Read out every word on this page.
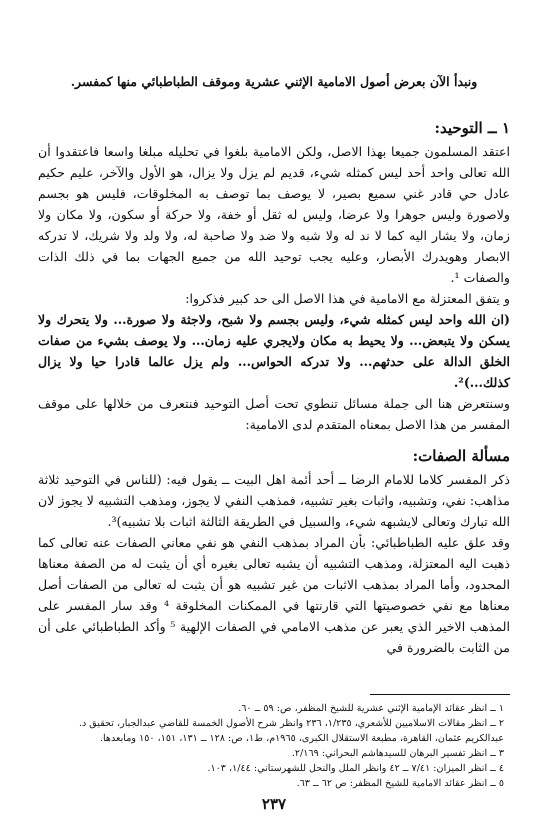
ونبدأ الآن بعرض أصول الامامية الإثني عشرية وموقف الطباطبائي منها كمفسر.

١ ــ التوحيد:

اعتقد المسلمون جميعا بهذا الاصل، ولكن الامامية بلغوا في تحليله مبلغا واسعا فاعتقدوا أن الله تعالى واحد أحد ليس كمثله شيء، قديم لم يزل ولا يزال، هو الأول والآخر، عليم حكيم عادل حي قادر غني سميع بصير، لا يوصف بما توصف به المخلوقات، فليس هو بجسم ولاصورة وليس جوهرا ولا عرضا، وليس له ثقل أو خفة، ولا حركة أو سكون، ولا مكان ولا زمان، ولا يشار اليه كما لا ند له ولا شبه ولا ضد ولا صاحبة له، ولا ولد ولا شريك، لا تدركه الابصار وهويدرك الأبصار، وعليه يجب توحيد الله من جميع الجهات بما في ذلك الذات والصفات ¹.

و يتفق المعتزلة مع الامامية في هذا الاصل الى حد كبير فذكروا:

(ان الله واحد ليس كمثله شيء، وليس بجسم ولا شبح، ولاجثة ولا صورة... ولا يتحرك ولا يسكن ولا يتبعض... ولا يحيط به مكان ولايجري عليه زمان... ولا يوصف بشيء من صفات الخلق الدالة على حدثهم... ولا تدركه الحواس... ولم يزل عالما قادرا حيا ولا يزال كذلك...)².

وسنتعرض هنا الى جملة مسائل تنطوي تحت أصل التوحيد فنتعرف من خلالها على موقف المفسر من هذا الاصل بمعناه المتقدم لدى الامامية:

مسألة الصفات:

ذكر المفسر كلاما للامام الرضا ــ أحد أئمة اهل البيت ــ يقول فيه: (للناس في التوحيد ثلاثة مذاهب: نفي، وتشبيه، واثبات بغير تشبيه، فمذهب النفي لا يجوز، ومذهب التشبيه لا يجوز لان الله تبارك وتعالى لايشبهه شيء، والسبيل في الطريقة الثالثة اثبات بلا تشبيه)³.

وقد علق عليه الطباطبائي: بأن المراد بمذهب النفي هو نفي معاني الصفات عنه تعالى كما ذهبت اليه المعتزلة، ومذهب التشبيه أن يشبه تعالى بغيره أي أن يثبت له من الصفة معناها المحدود، وأما المراد بمذهب الاثبات من غير تشبيه هو أن يثبت له تعالى من الصفات أصل معناها مع نفي خصوصيتها التي قارنتها في الممكنات المخلوقة ⁴ وقد سار المفسر على المذهب الاخير الذي يعبر عن مذهب الامامي في الصفات الإلهية ⁵ وأكد الطباطبائي على أن من الثابت بالضرورة في

١ ــ انظر عقائد الإمامية الإثني عشرية للشيخ المظفر، ص: ٥٩ ــ ٦٠.

٢ ــ انظر مقالات الاسلاميين للأشعري، ١/٢٣٥، ٢٣٦ وانظر شرح الأصول الخمسة للقاضي عبدالجبار، تحقيق د. عبدالكريم عثمان، القاهرة، مطبعة الاستقلال الكبرى، ١٩٦٥م، ط١، ص: ١٢٨ ــ ١٣١، ١٥١، ١٥٠ ومابعدها.

٣ ــ انظر تفسير البرهان للسيدهاشم البحراني: ٢/١٦٩.

٤ ــ انظر الميزان: ٧/٤١ ــ ٤٢ وانظر الملل والنحل للشهرستاني: ١/٤٤، ١٠٣.

٥ ــ انظر عقائد الامامية للشيخ المظفر: ص ٦٢ ــ ٦٣.

٢٣٧
